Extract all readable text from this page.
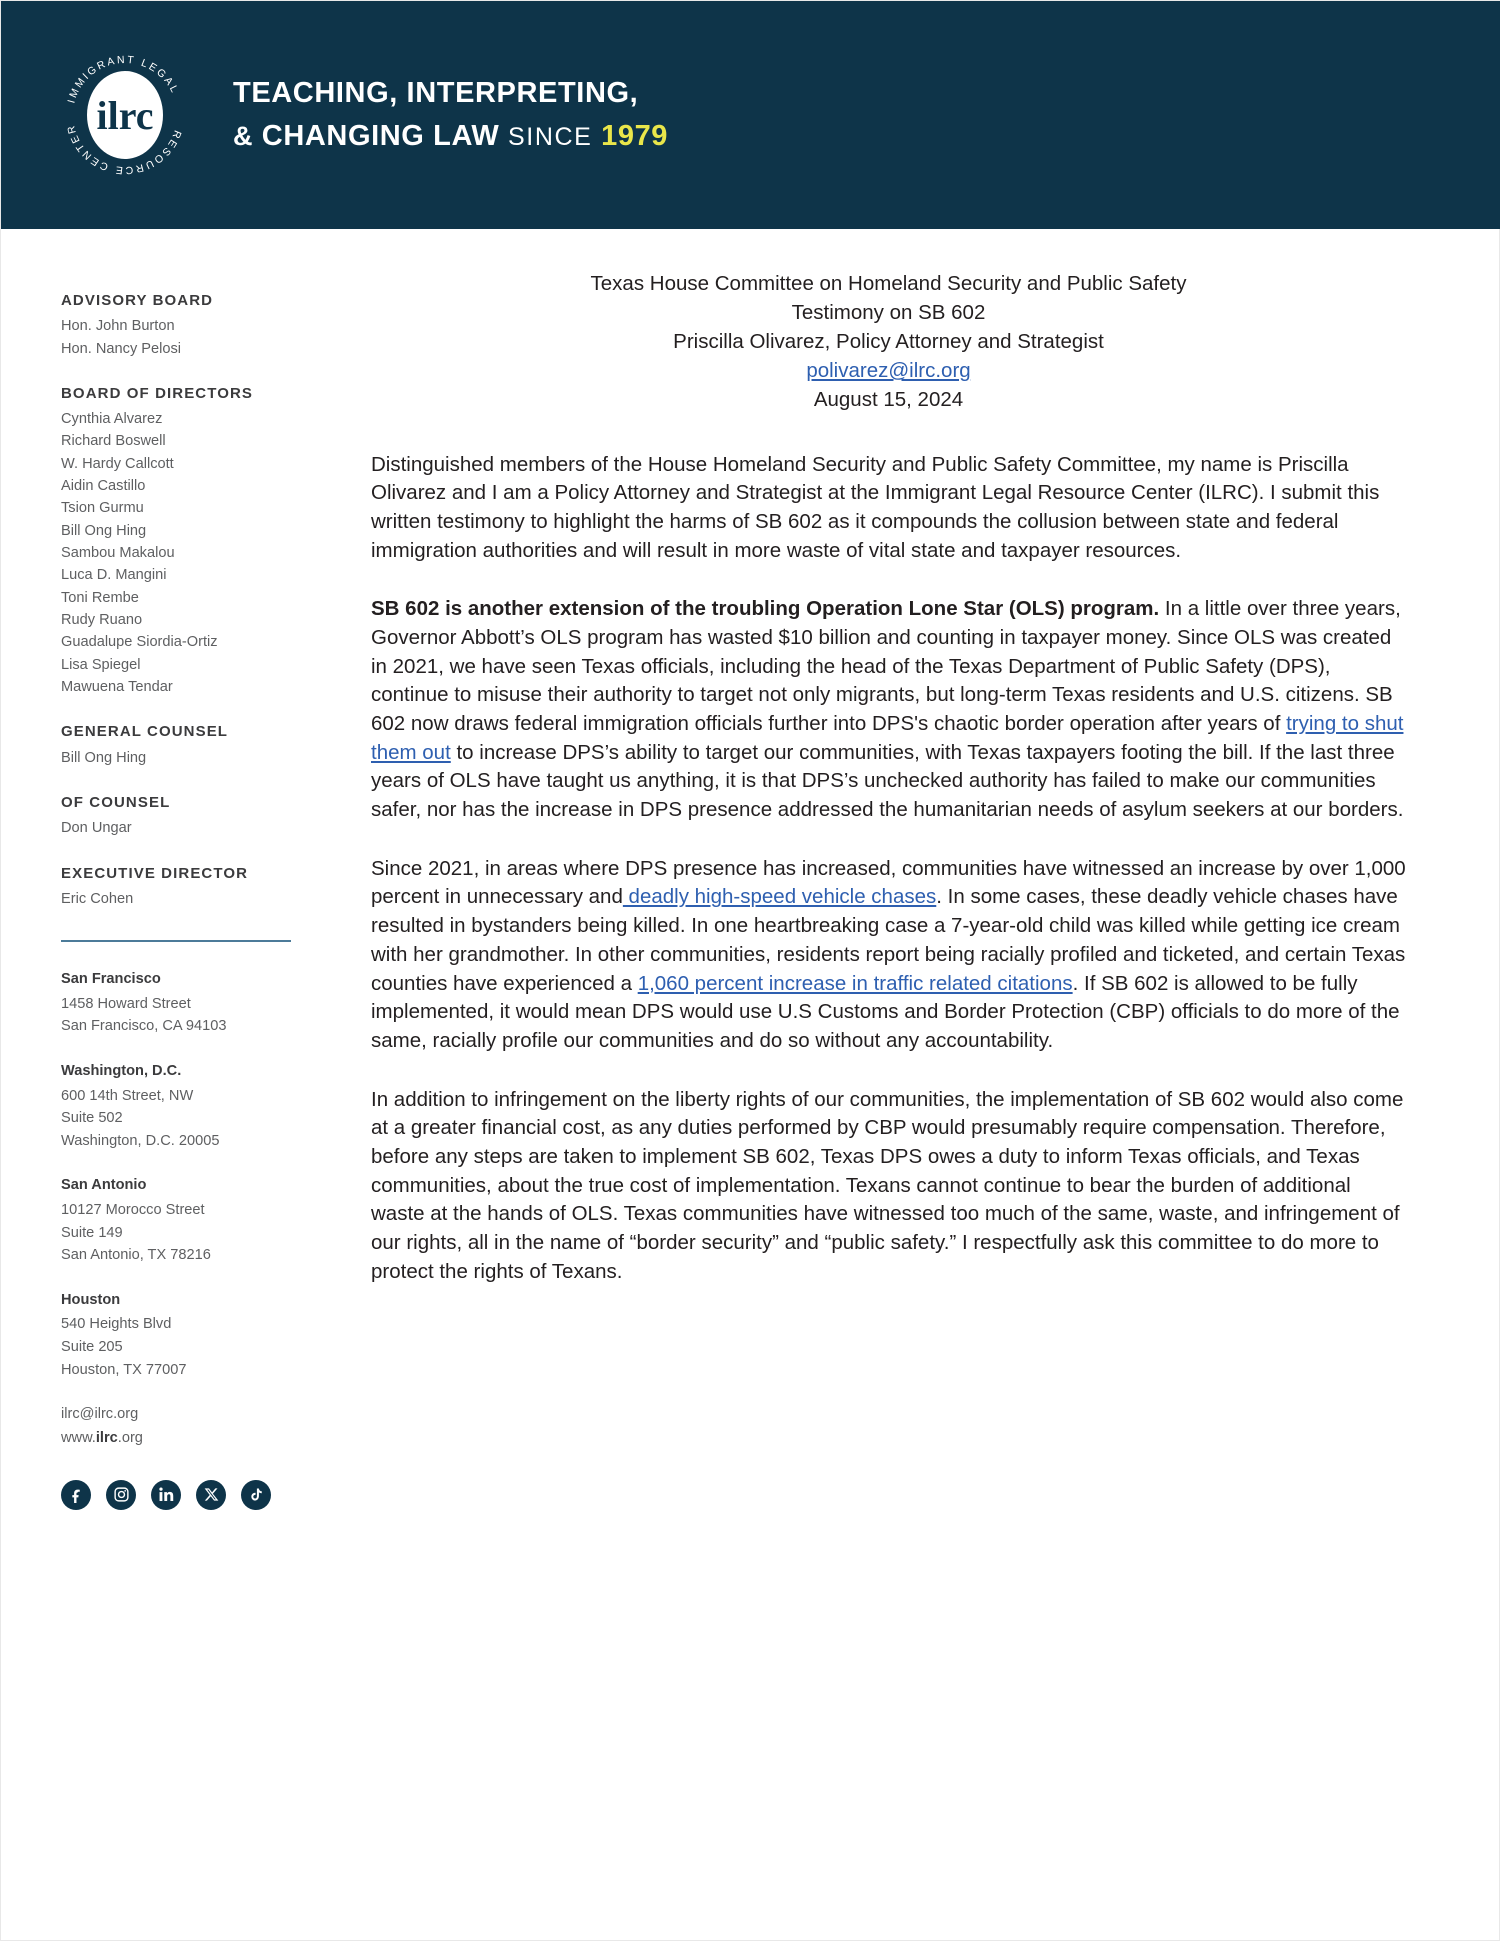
IMMIGRANT LEGAL
RESOURCE CENTER ilrc
TEACHING, INTERPRETING,
& CHANGING LAW SINCE 1979
ADVISORY BOARD
Hon. John Burton
Hon. Nancy Pelosi
BOARD OF DIRECTORS
Cynthia Alvarez
Richard Boswell
W. Hardy Callcott
Aidin Castillo
Tsion Gurmu
Bill Ong Hing
Sambou Makalou
Luca D. Mangini
Toni Rembe
Rudy Ruano
Guadalupe Siordia-Ortiz
Lisa Spiegel
Mawuena Tendar
GENERAL COUNSEL
Bill Ong Hing
OF COUNSEL
Don Ungar
EXECUTIVE DIRECTOR
Eric Cohen
San Francisco
1458 Howard Street
San Francisco, CA 94103
Washington, D.C.
600 14th Street, NW
Suite 502
Washington, D.C. 20005
San Antonio
10127 Morocco Street
Suite 149
San Antonio, TX 78216
Houston
540 Heights Blvd
Suite 205
Houston, TX 77007
ilrc@ilrc.org
www.ilrc.org
Texas House Committee on Homeland Security and Public Safety
Testimony on SB 602
Priscilla Olivarez, Policy Attorney and Strategist
polivarez@ilrc.org
August 15, 2024

Distinguished members of the House Homeland Security and Public Safety Committee, my name is Priscilla Olivarez and I am a Policy Attorney and Strategist at the Immigrant Legal Resource Center (ILRC). I submit this written testimony to highlight the harms of SB 602 as it compounds the collusion between state and federal immigration authorities and will result in more waste of vital state and taxpayer resources.

SB 602 is another extension of the troubling Operation Lone Star (OLS) program. In a little over three years, Governor Abbott’s OLS program has wasted $10 billion and counting in taxpayer money. Since OLS was created in 2021, we have seen Texas officials, including the head of the Texas Department of Public Safety (DPS), continue to misuse their authority to target not only migrants, but long-term Texas residents and U.S. citizens. SB 602 now draws federal immigration officials further into DPS's chaotic border operation after years of trying to shut them out to increase DPS’s ability to target our communities, with Texas taxpayers footing the bill. If the last three years of OLS have taught us anything, it is that DPS’s unchecked authority has failed to make our communities safer, nor has the increase in DPS presence addressed the humanitarian needs of asylum seekers at our borders.

Since 2021, in areas where DPS presence has increased, communities have witnessed an increase by over 1,000 percent in unnecessary and deadly high-speed vehicle chases. In some cases, these deadly vehicle chases have resulted in bystanders being killed. In one heartbreaking case a 7-year-old child was killed while getting ice cream with her grandmother. In other communities, residents report being racially profiled and ticketed, and certain Texas counties have experienced a 1,060 percent increase in traffic related citations. If SB 602 is allowed to be fully implemented, it would mean DPS would use U.S Customs and Border Protection (CBP) officials to do more of the same, racially profile our communities and do so without any accountability.

In addition to infringement on the liberty rights of our communities, the implementation of SB 602 would also come at a greater financial cost, as any duties performed by CBP would presumably require compensation. Therefore, before any steps are taken to implement SB 602, Texas DPS owes a duty to inform Texas officials, and Texas communities, about the true cost of implementation. Texans cannot continue to bear the burden of additional waste at the hands of OLS. Texas communities have witnessed too much of the same, waste, and infringement of our rights, all in the name of “border security” and “public safety.” I respectfully ask this committee to do more to protect the rights of Texans.
